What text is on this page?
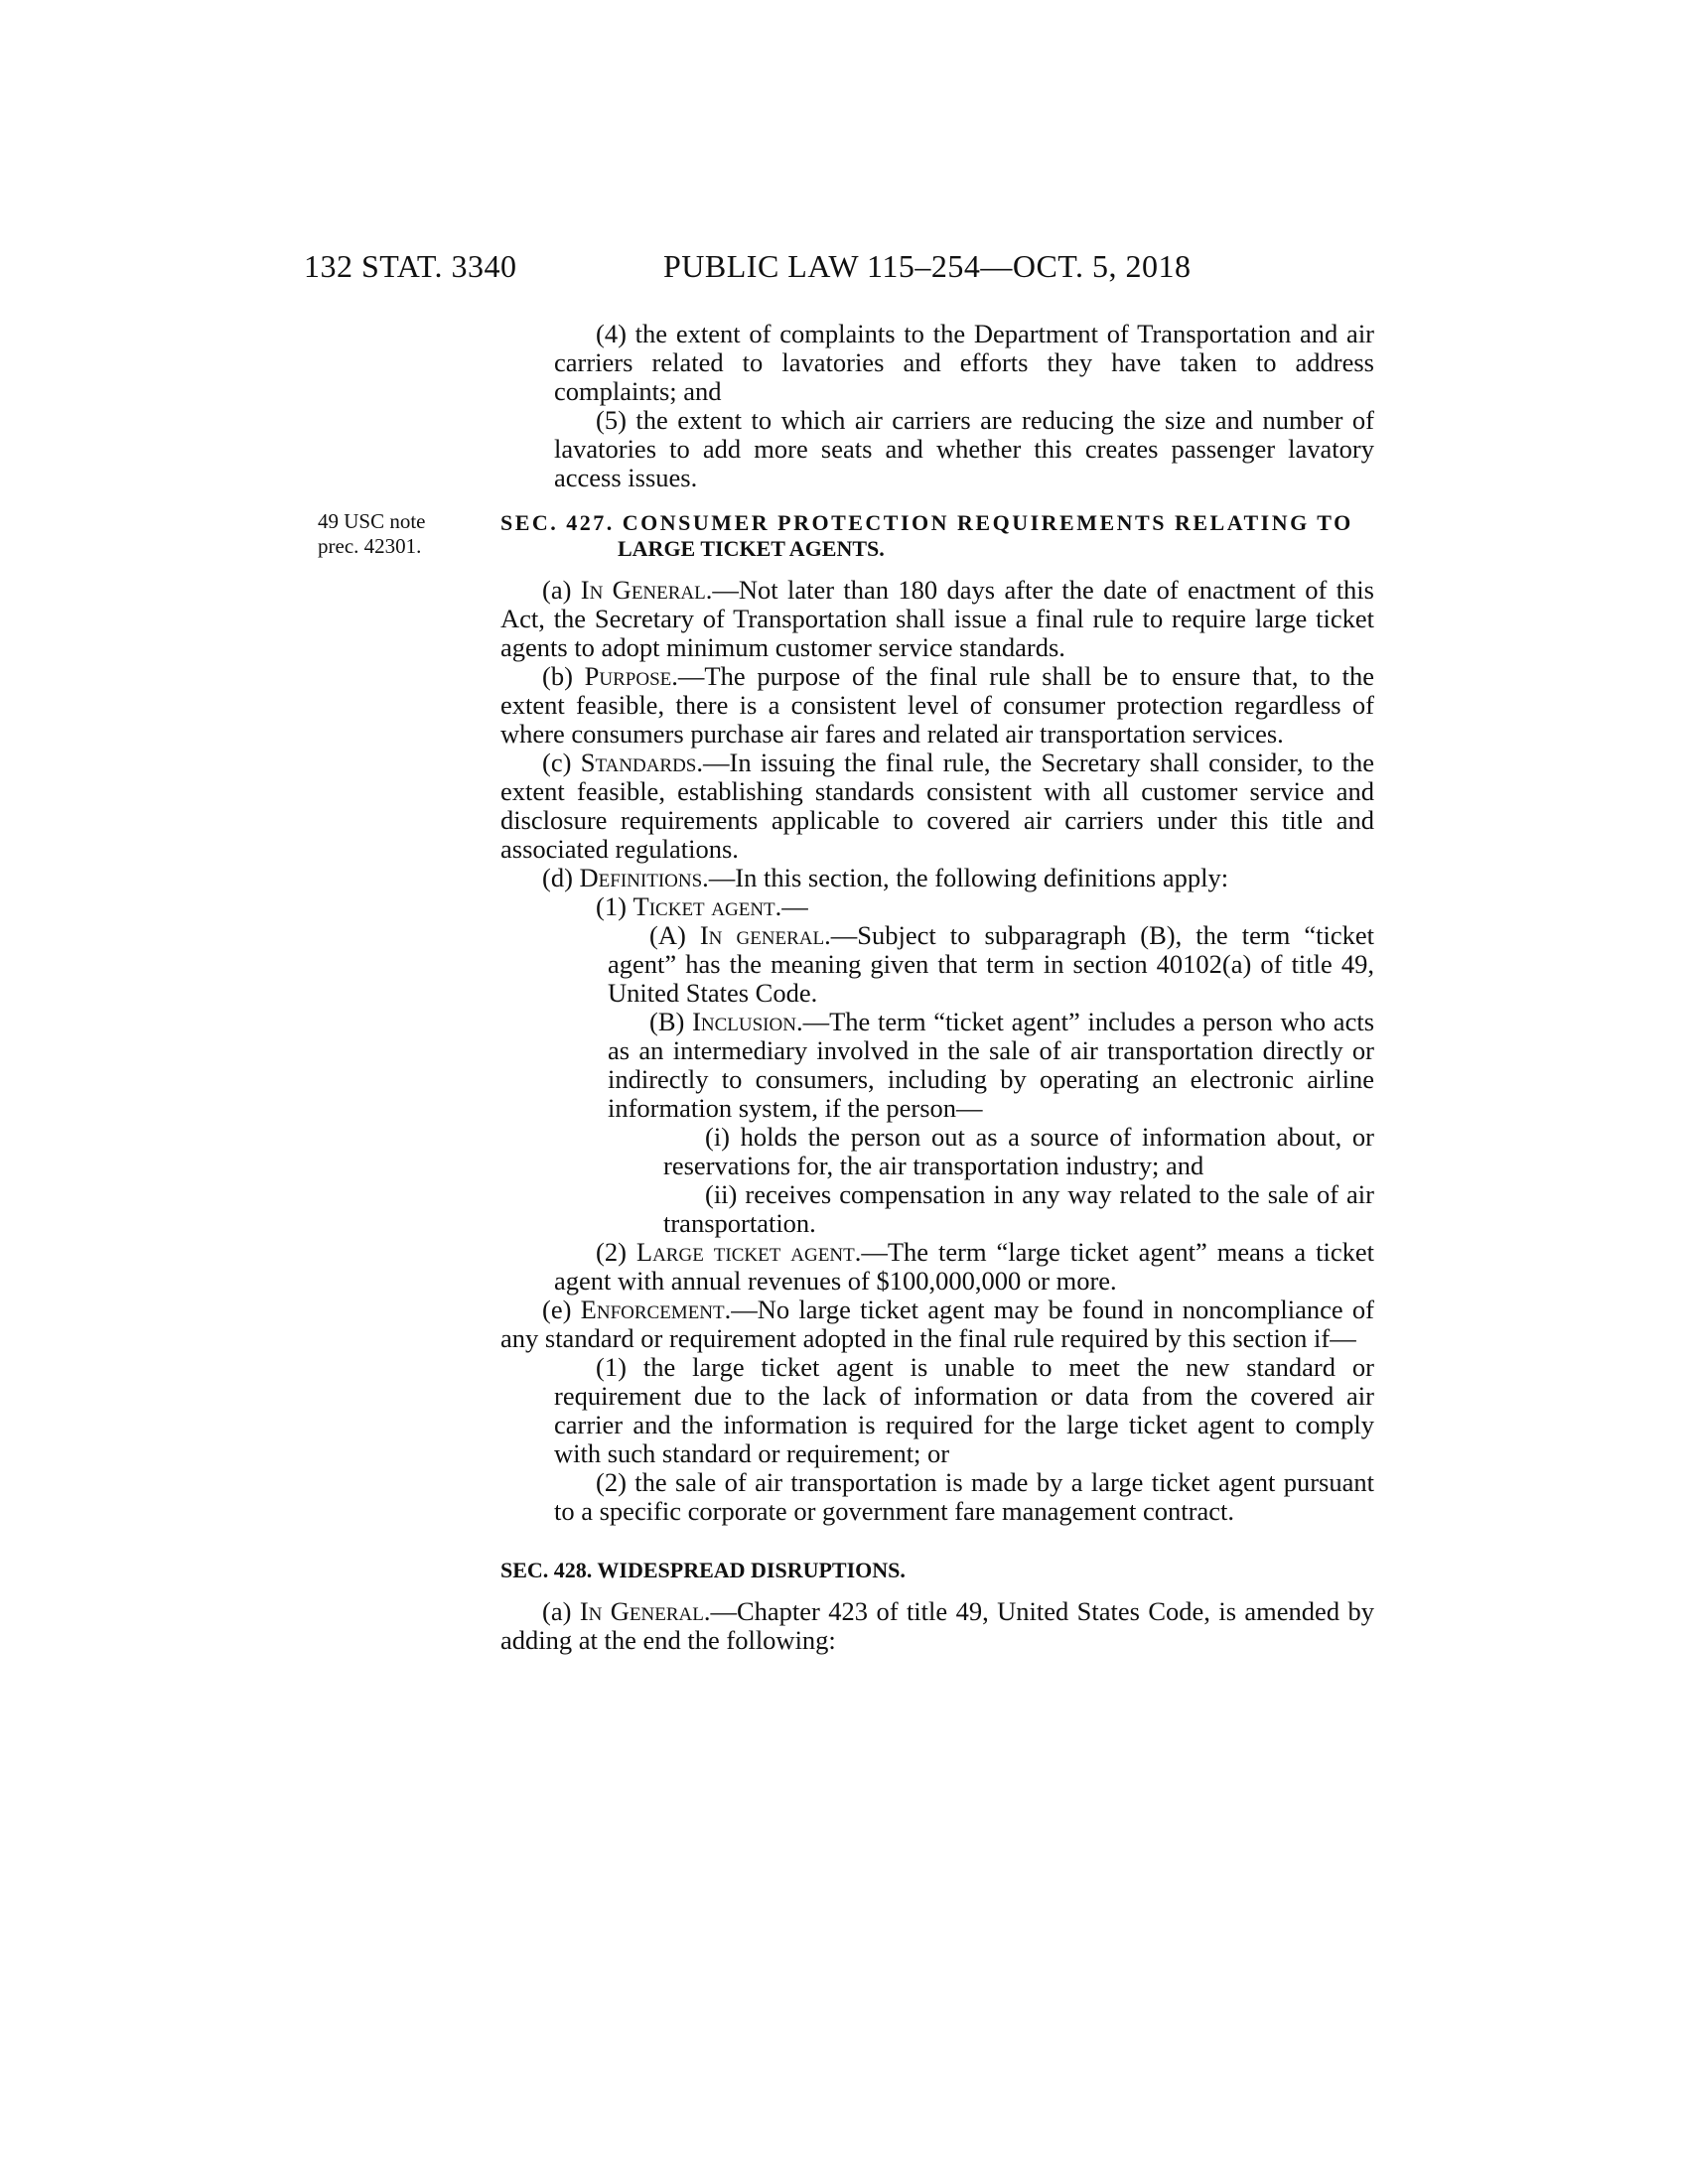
132 STAT. 3340	PUBLIC LAW 115–254—OCT. 5, 2018
49 USC note
prec. 42301.

(4) the extent of complaints to the Department of Transportation and air carriers related to lavatories and efforts they have taken to address complaints; and

(5) the extent to which air carriers are reducing the size and number of lavatories to add more seats and whether this creates passenger lavatory access issues.

SEC. 427. CONSUMER PROTECTION REQUIREMENTS RELATING TO
LARGE TICKET AGENTS.

(a) In General.—Not later than 180 days after the date of enactment of this Act, the Secretary of Transportation shall issue a final rule to require large ticket agents to adopt minimum customer service standards.

(b) Purpose.—The purpose of the final rule shall be to ensure that, to the extent feasible, there is a consistent level of consumer protection regardless of where consumers purchase air fares and related air transportation services.

(c) Standards.—In issuing the final rule, the Secretary shall consider, to the extent feasible, establishing standards consistent with all customer service and disclosure requirements applicable to covered air carriers under this title and associated regulations.

(d) Definitions.—In this section, the following definitions apply:

(1) Ticket agent.—

(A) In general.—Subject to subparagraph (B), the term “ticket agent” has the meaning given that term in section 40102(a) of title 49, United States Code.

(B) Inclusion.—The term “ticket agent” includes a person who acts as an intermediary involved in the sale of air transportation directly or indirectly to consumers, including by operating an electronic airline information system, if the person—

(i) holds the person out as a source of information about, or reservations for, the air transportation industry; and

(ii) receives compensation in any way related to the sale of air transportation.

(2) Large ticket agent.—The term “large ticket agent” means a ticket agent with annual revenues of $100,000,000 or more.

(e) Enforcement.—No large ticket agent may be found in noncompliance of any standard or requirement adopted in the final rule required by this section if—

(1) the large ticket agent is unable to meet the new standard or requirement due to the lack of information or data from the covered air carrier and the information is required for the large ticket agent to comply with such standard or requirement; or

(2) the sale of air transportation is made by a large ticket agent pursuant to a specific corporate or government fare management contract.

SEC. 428. WIDESPREAD DISRUPTIONS.

(a) In General.—Chapter 423 of title 49, United States Code, is amended by adding at the end the following:
